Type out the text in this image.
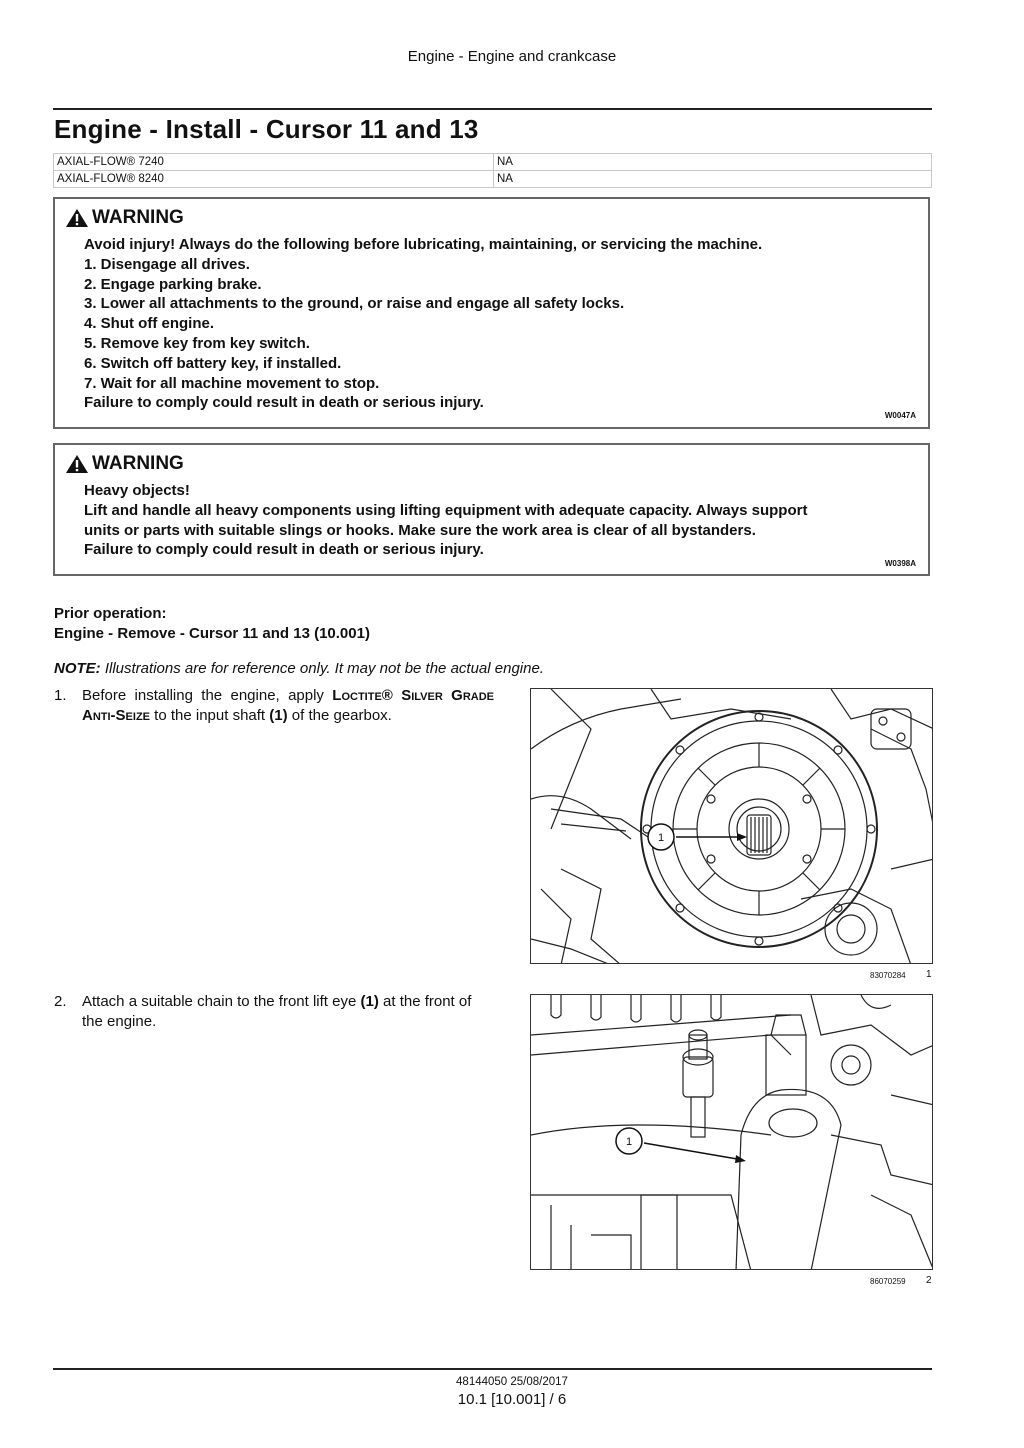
Engine - Engine and crankcase
Engine - Install - Cursor 11 and 13
AXIAL-FLOW® 7240	NA
AXIAL-FLOW® 8240	NA
WARNING
Avoid injury! Always do the following before lubricating, maintaining, or servicing the machine.
1. Disengage all drives.
2. Engage parking brake.
3. Lower all attachments to the ground, or raise and engage all safety locks.
4. Shut off engine.
5. Remove key from key switch.
6. Switch off battery key, if installed.
7. Wait for all machine movement to stop.
Failure to comply could result in death or serious injury.
W0047A
WARNING
Heavy objects!
Lift and handle all heavy components using lifting equipment with adequate capacity. Always support
units or parts with suitable slings or hooks. Make sure the work area is clear of all bystanders.
Failure to comply could result in death or serious injury.
W0398A
Prior operation:
Engine - Remove - Cursor 11 and 13 (10.001)
NOTE: Illustrations are for reference only. It may not be the actual engine.
1. Before installing the engine, apply Loctite® Silver Grade Anti-Seize to the input shaft (1) of the gearbox.
1
83070284 1
2. Attach a suitable chain to the front lift eye (1) at the front of the engine.
1
86070259 2
48144050 25/08/2017
10.1 [10.001] / 6
